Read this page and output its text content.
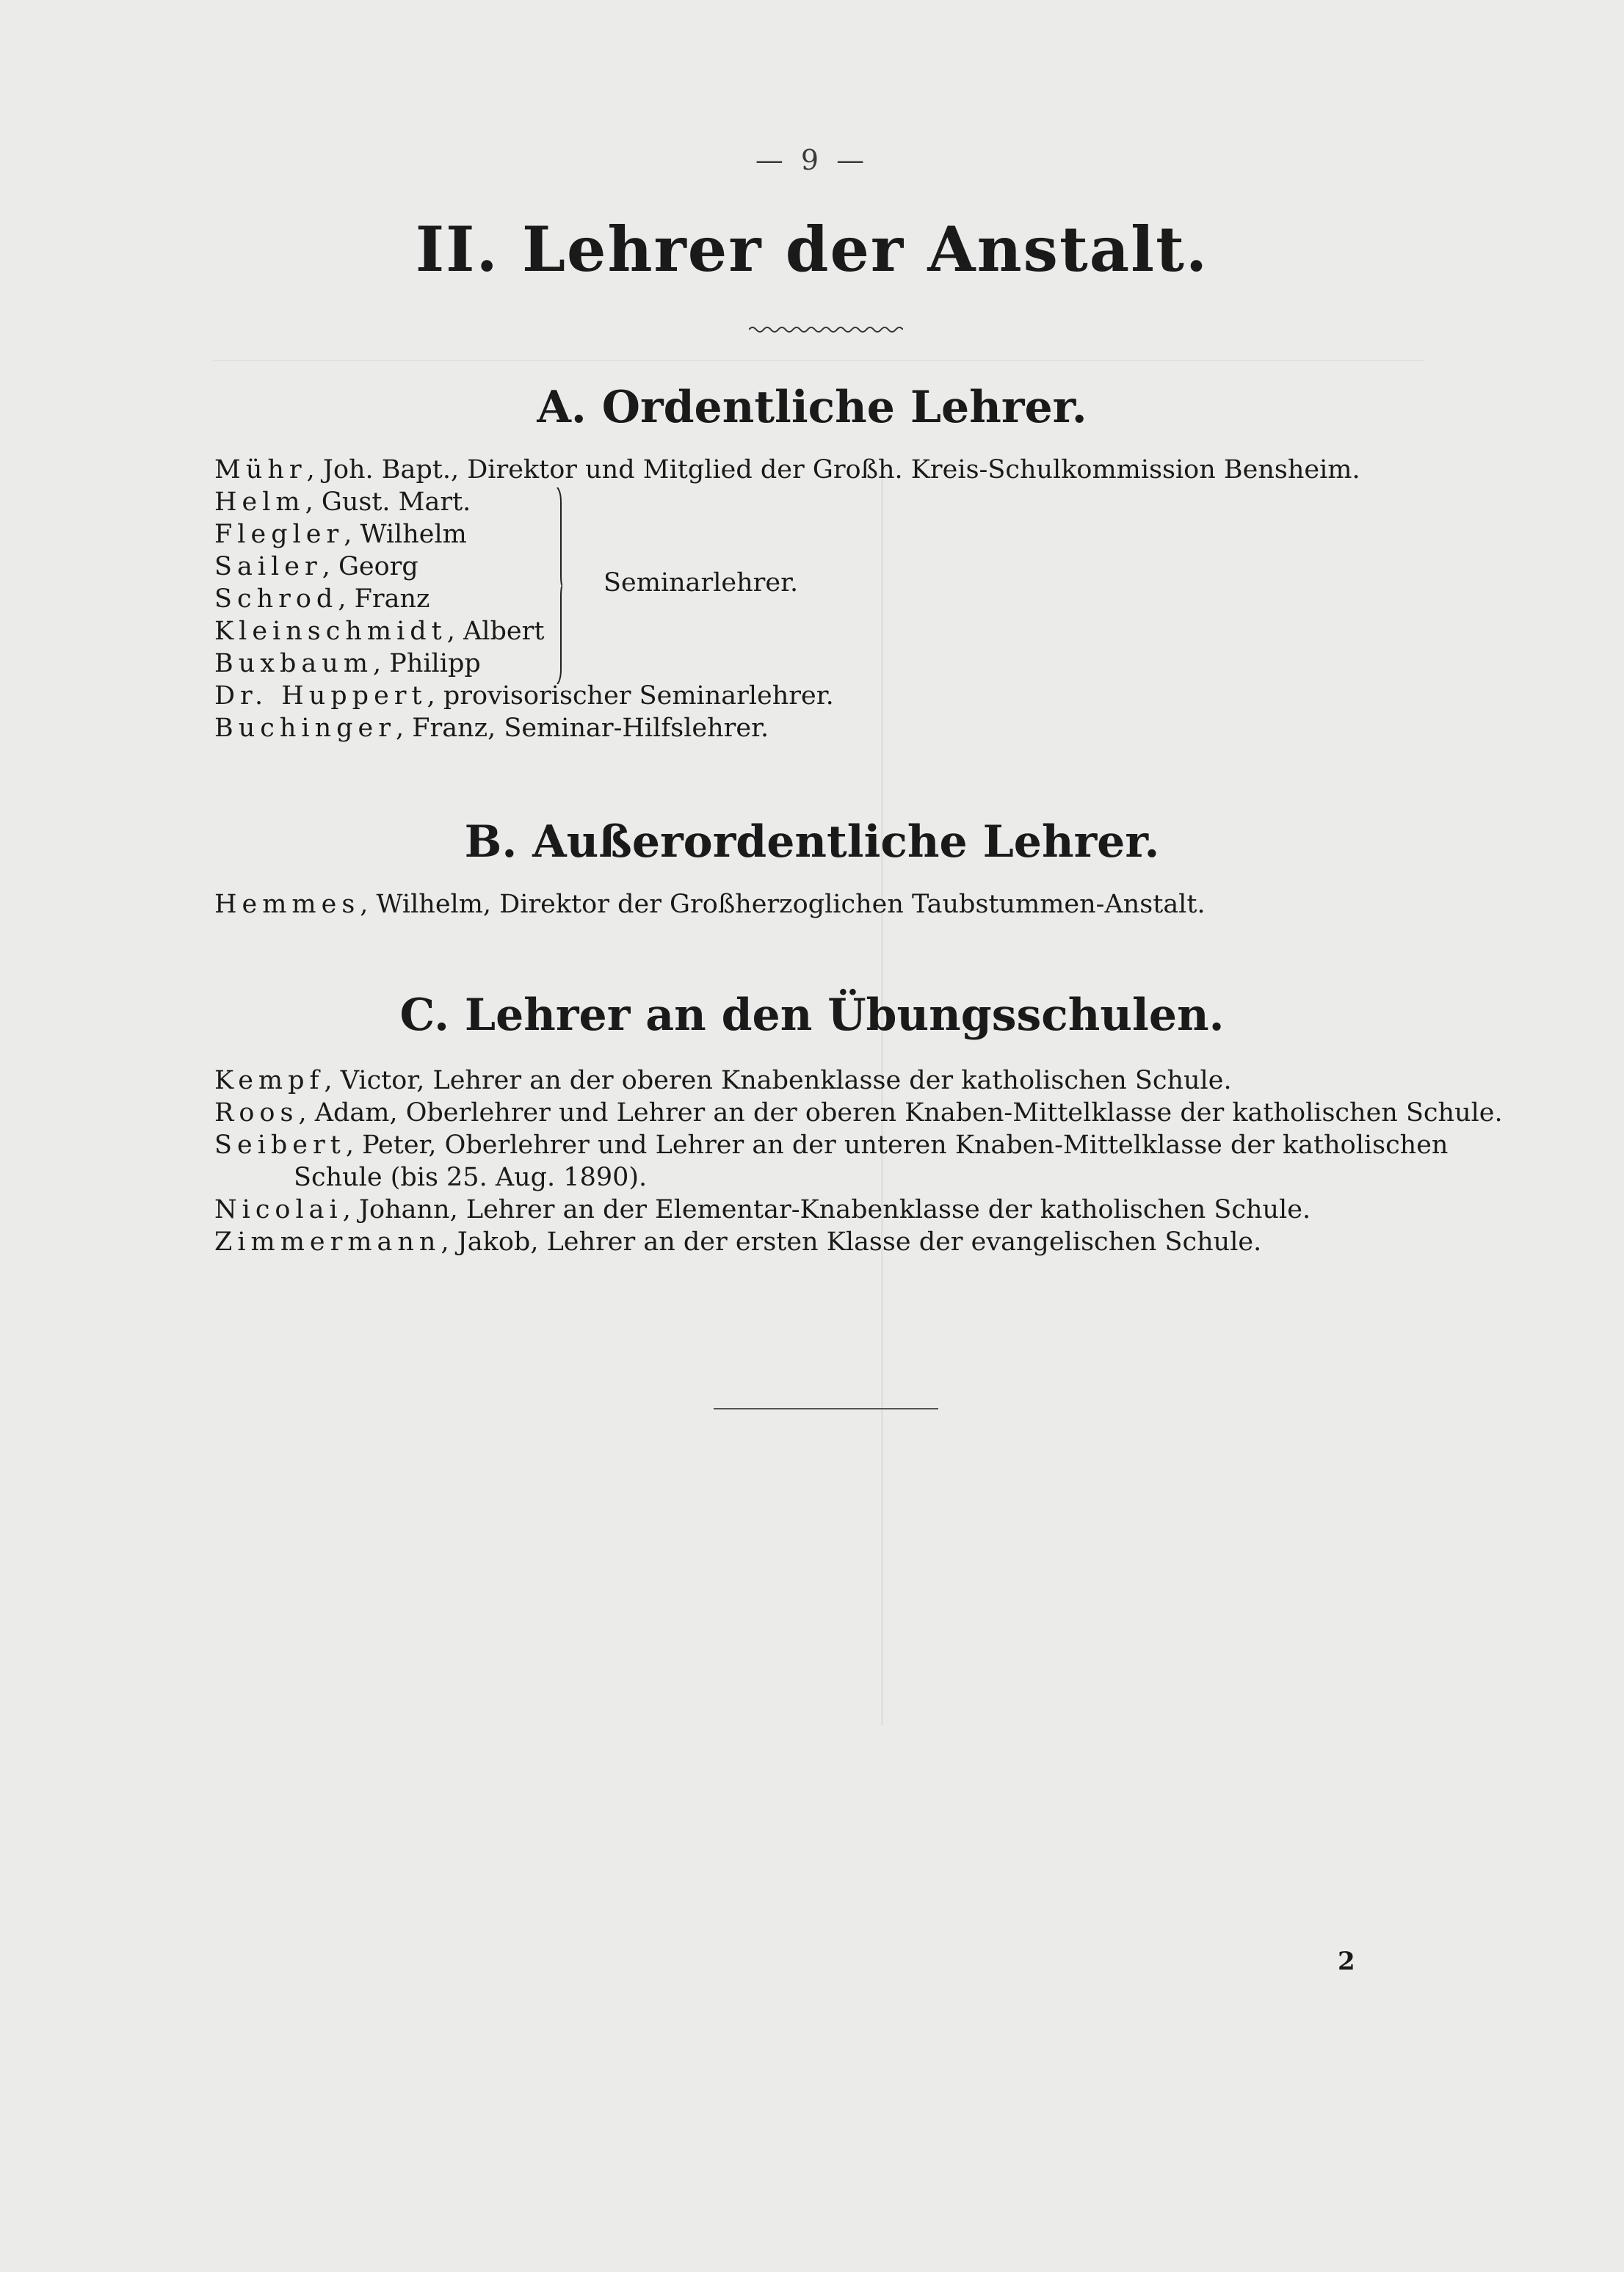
— 9 —
II. Lehrer der Anstalt.
A. Ordentliche Lehrer.
Mühr, Joh. Bapt., Direktor und Mitglied der Großh. Kreis-Schulkommission Bensheim.
Helm, Gust. Mart.
Flegler, Wilhelm
Sailer, Georg
Schrod, Franz
Kleinschmidt, Albert
Buxbaum, Philipp
Seminarlehrer.
Dr. Huppert, provisorischer Seminarlehrer.
Buchinger, Franz, Seminar-Hilfslehrer.
B. Außerordentliche Lehrer.
Hemmes, Wilhelm, Direktor der Großherzoglichen Taubstummen-Anstalt.
C. Lehrer an den Übungsschulen.
Kempf, Victor, Lehrer an der oberen Knabenklasse der katholischen Schule.
Roos, Adam, Oberlehrer und Lehrer an der oberen Knaben-Mittelklasse der katholischen Schule.
Seibert, Peter, Oberlehrer und Lehrer an der unteren Knaben-Mittelklasse der katholischen
Schule (bis 25. Aug. 1890).
Nicolai, Johann, Lehrer an der Elementar-Knabenklasse der katholischen Schule.
Zimmermann, Jakob, Lehrer an der ersten Klasse der evangelischen Schule.
2
